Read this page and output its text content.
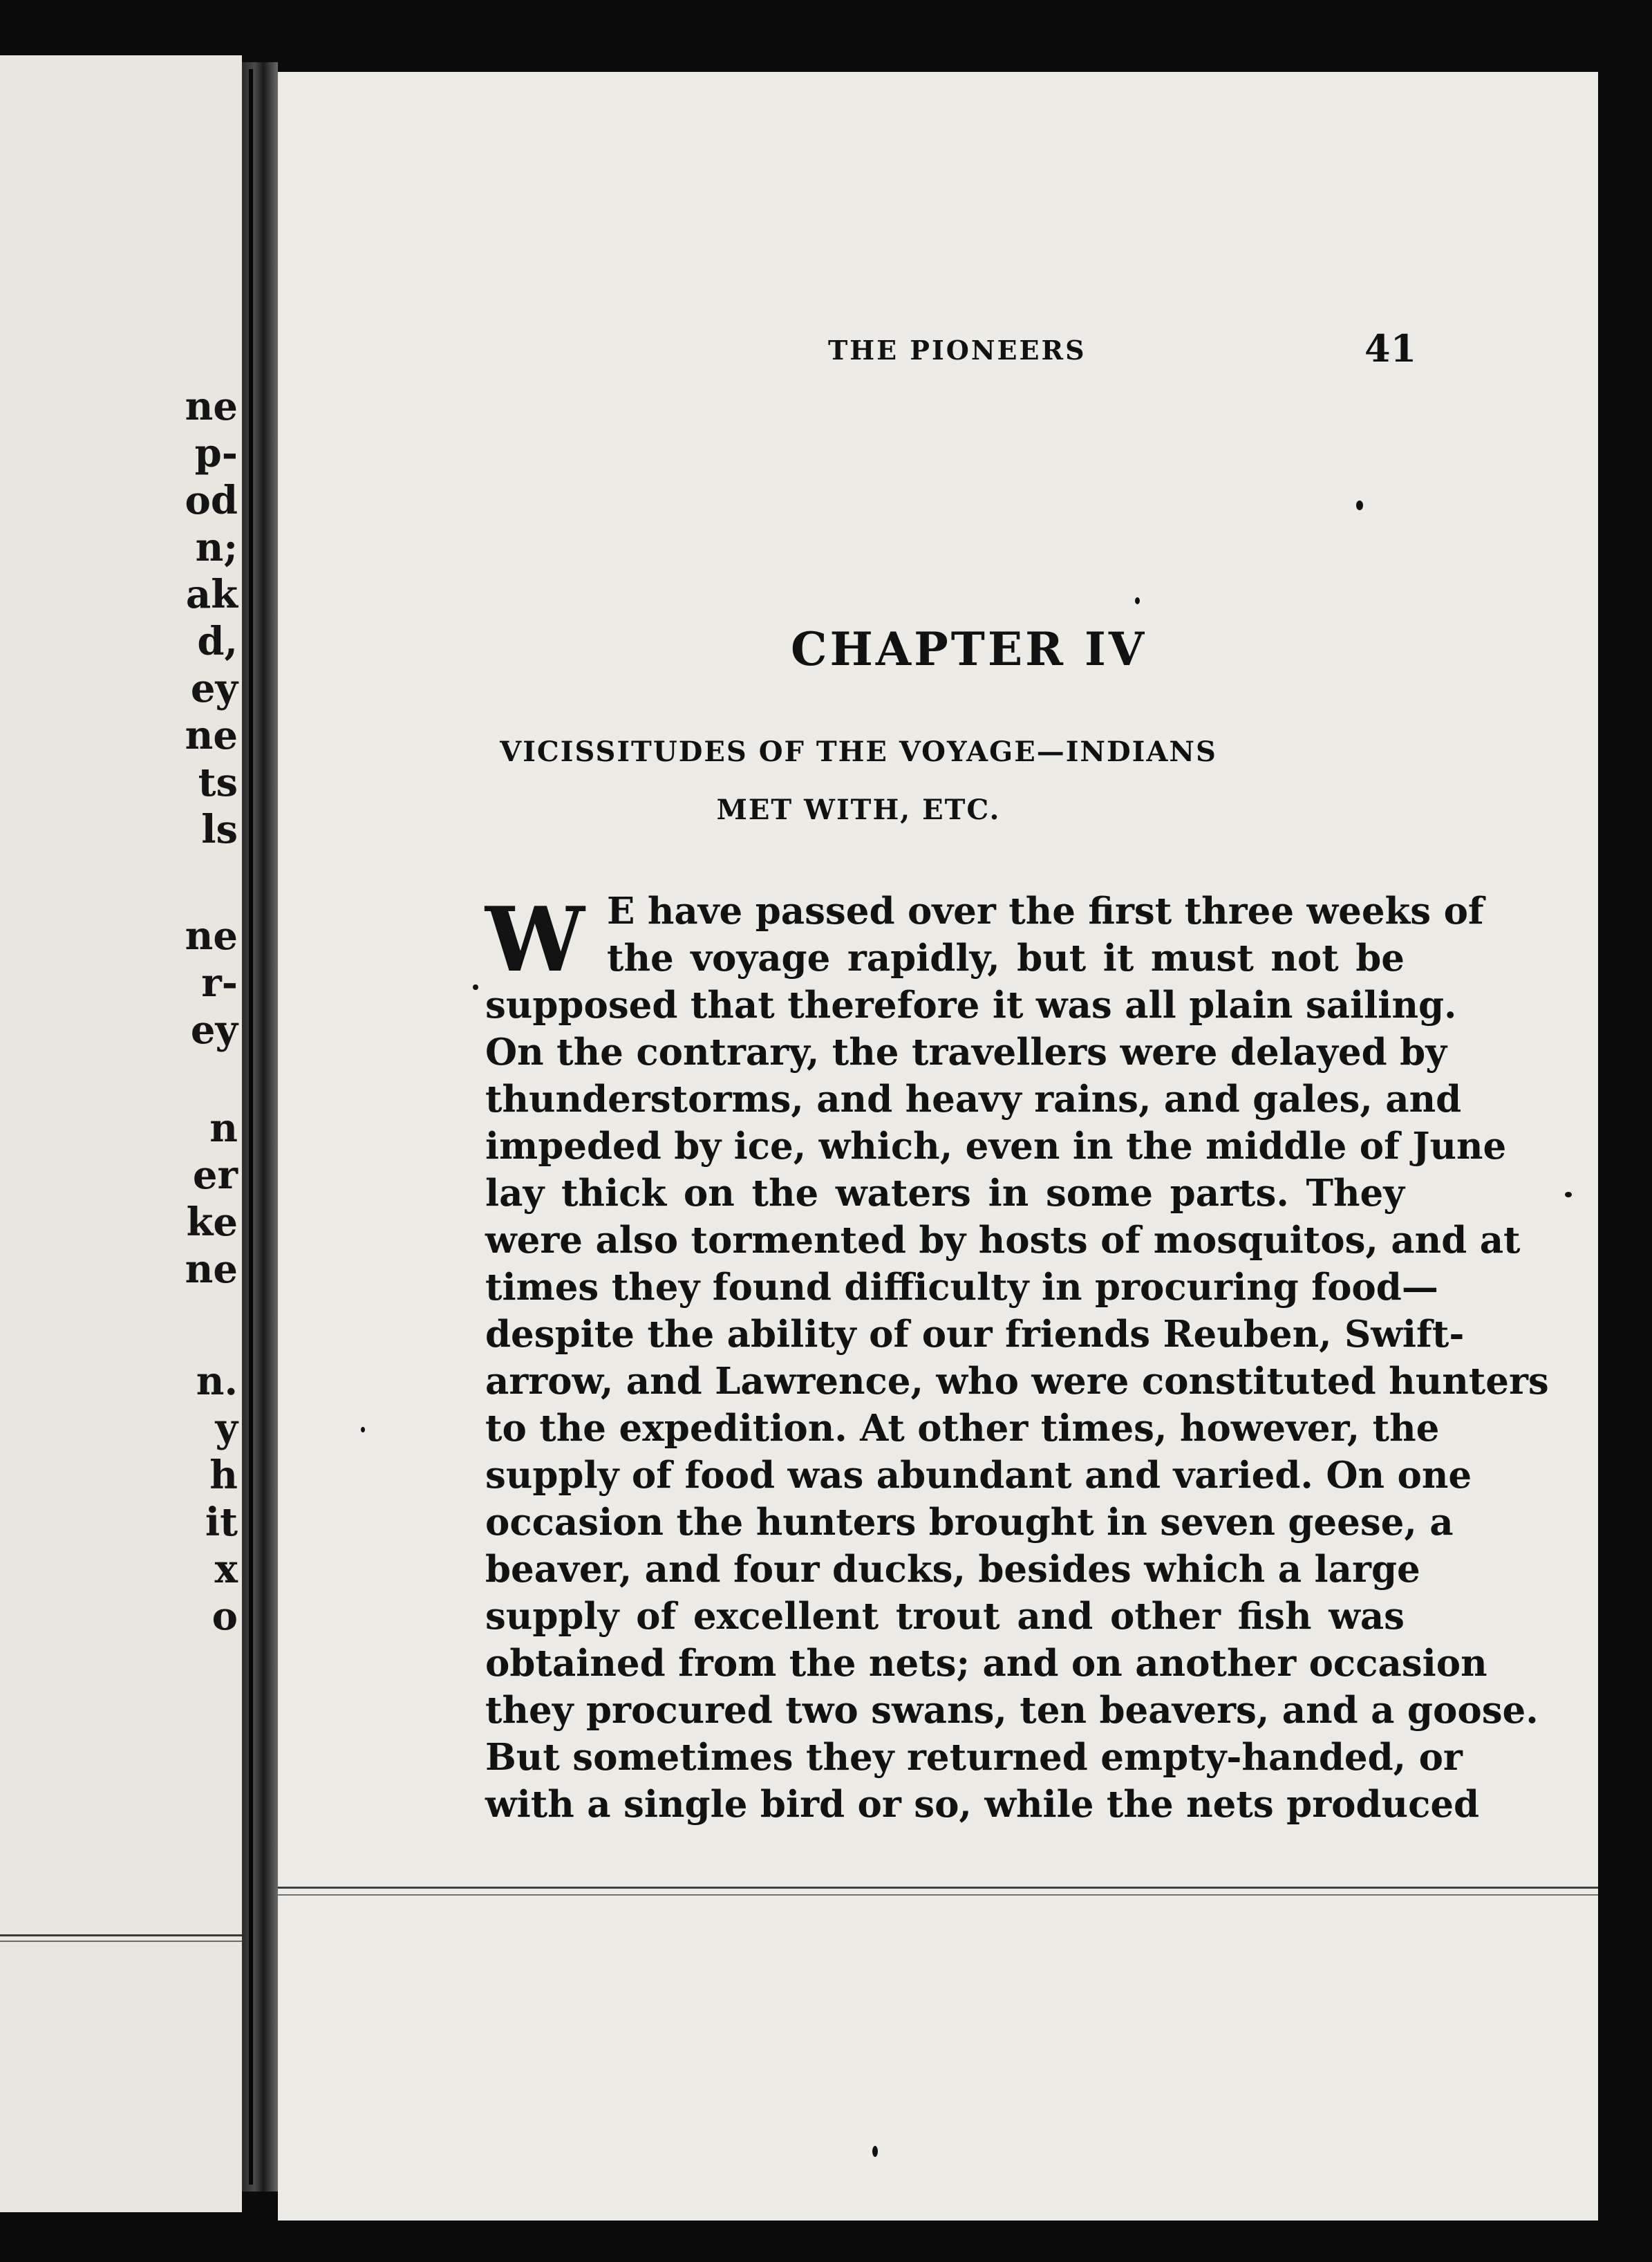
ne
p-
od
n;
ak
d,
ey
ne
ts
ls
ne
r-
ey
n
er
ke
ne
n.
y
h
it
x
o
THE PIONEERS	41
CHAPTER IV
VICISSITUDES OF THE VOYAGE—INDIANS
MET WITH, ETC.
W E have passed over the first three weeks of
the voyage rapidly, but it must not be
supposed that therefore it was all plain sailing.
On the contrary, the travellers were delayed by
thunderstorms, and heavy rains, and gales, and
impeded by ice, which, even in the middle of June
lay thick on the waters in some parts. They
were also tormented by hosts of mosquitos, and at
times they found difficulty in procuring food—
despite the ability of our friends Reuben, Swift-
arrow, and Lawrence, who were constituted hunters
to the expedition. At other times, however, the
supply of food was abundant and varied. On one
occasion the hunters brought in seven geese, a
beaver, and four ducks, besides which a large
supply of excellent trout and other fish was
obtained from the nets; and on another occasion
they procured two swans, ten beavers, and a goose.
But sometimes they returned empty-handed, or
with a single bird or so, while the nets produced
